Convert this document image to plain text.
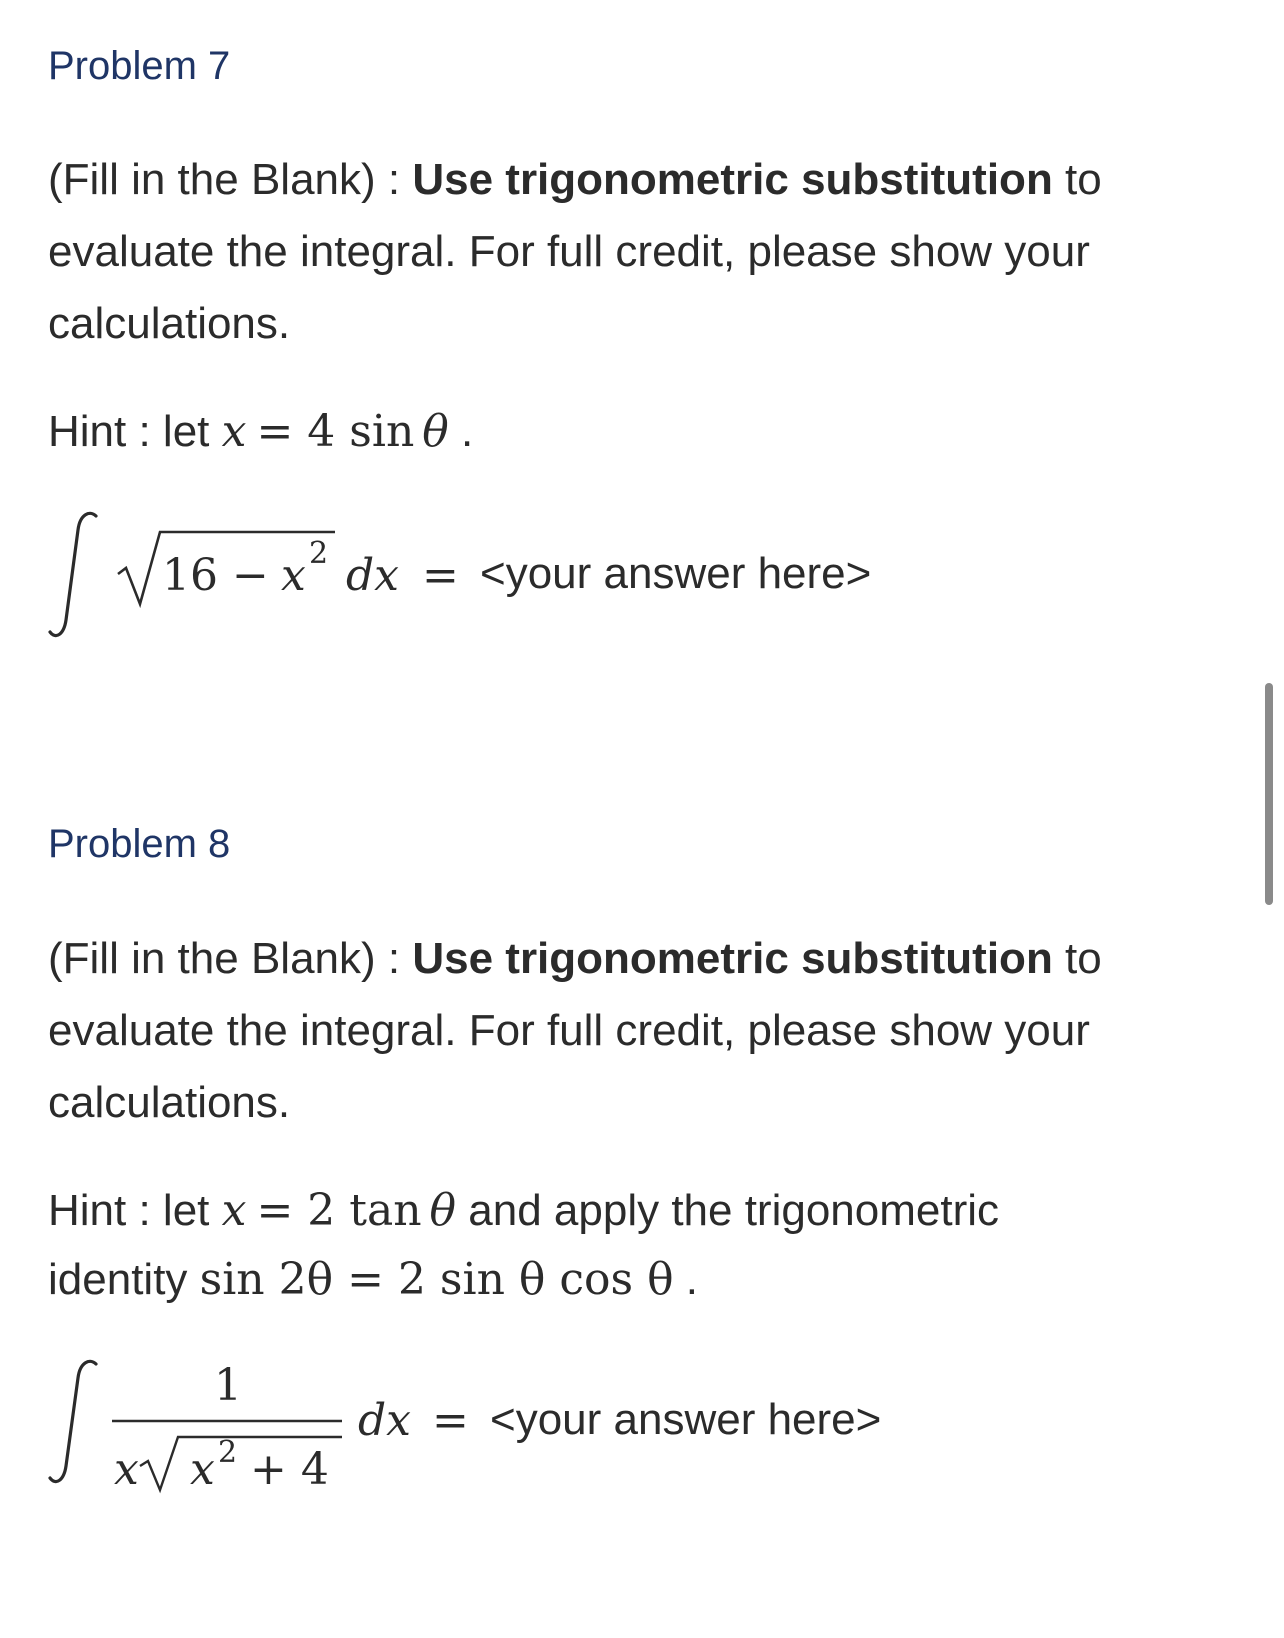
Problem 7

(Fill in the Blank) : Use trigonometric substitution to evaluate the integral. For full credit, please show your calculations.

Hint : let x = 4 sin θ .

16 − x 2 dx = <your answer here>
Problem 8

(Fill in the Blank) : Use trigonometric substitution to evaluate the integral. For full credit, please show your calculations.

Hint : let x = 2 tan θ and apply the trigonometric

identity sin 2θ = 2 sin θ cos θ .

1
x x 2
+ 4
dx = <your answer here>
